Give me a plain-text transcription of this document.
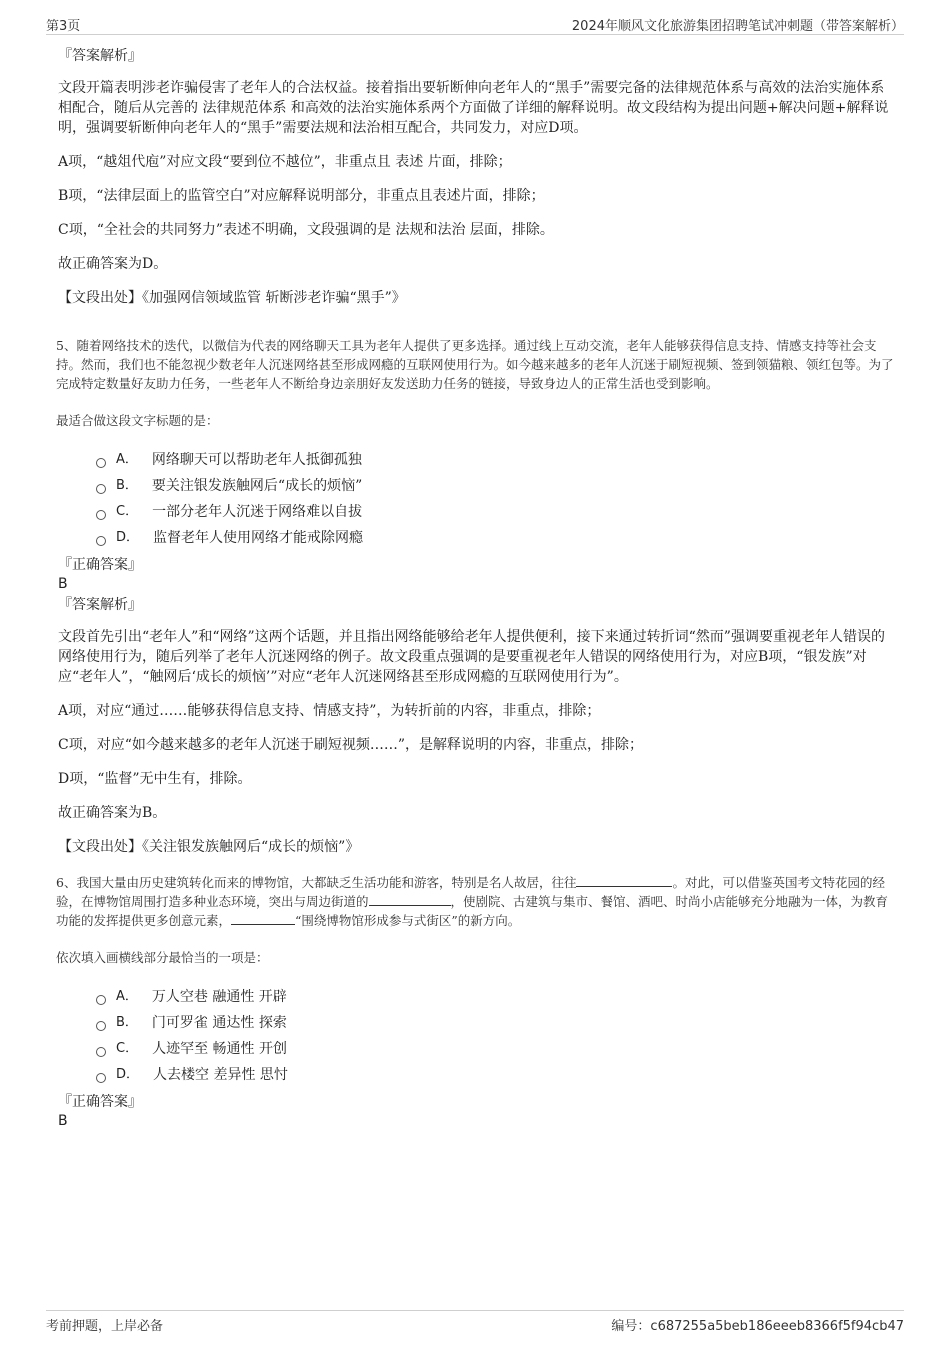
第3页	2024年顺风文化旅游集团招聘笔试冲刺题（带答案解析）
『答案解析』
文段开篇表明涉老诈骗侵害了老年人的合法权益。接着指出要斩断伸向老年人的“黑手”需要完备的法律规范体系与高效的法治实施体系相配合，随后从完善的 法律规范体系 和高效的法治实施体系两个方面做了详细的解释说明。故文段结构为提出问题+解决问题+解释说明，强调要斩断伸向老年人的“黑手”需要法规和法治相互配合，共同发力，对应D项。
A项，“越俎代庖”对应文段“要到位不越位”，非重点且 表述 片面，排除；
B项，“法律层面上的监管空白”对应解释说明部分，非重点且表述片面，排除；
C项，“全社会的共同努力”表述不明确，文段强调的是 法规和法治 层面，排除。
故正确答案为D。
【文段出处】《加强网信领域监管 斩断涉老诈骗“黑手”》
5、随着网络技术的迭代，以微信为代表的网络聊天工具为老年人提供了更多选择。通过线上互动交流，老年人能够获得信息支持、情感支持等社会支持。然而，我们也不能忽视少数老年人沉迷网络甚至形成网瘾的互联网使用行为。如今越来越多的老年人沉迷于刷短视频、签到领猫粮、领红包等。为了完成特定数量好友助力任务，一些老年人不断给身边亲朋好友发送助力任务的链接，导致身边人的正常生活也受到影响。
最适合做这段文字标题的是：
A． 网络聊天可以帮助老年人抵御孤独
B． 要关注银发族触网后“成长的烦恼”
C． 一部分老年人沉迷于网络难以自拔
D． 监督老年人使用网络才能戒除网瘾
『正确答案』
B
『答案解析』
文段首先引出“老年人”和“网络”这两个话题，并且指出网络能够给老年人提供便利，接下来通过转折词“然而”强调要重视老年人错误的网络使用行为，随后列举了老年人沉迷网络的例子。故文段重点强调的是要重视老年人错误的网络使用行为，对应B项，“银发族”对应“老年人”，“触网后‘成长的烦恼’”对应“老年人沉迷网络甚至形成网瘾的互联网使用行为”。
A项，对应“通过……能够获得信息支持、情感支持”，为转折前的内容，非重点，排除；
C项，对应“如今越来越多的老年人沉迷于刷短视频……”，是解释说明的内容，非重点，排除；
D项，“监督”无中生有，排除。
故正确答案为B。
【文段出处】《关注银发族触网后“成长的烦恼”》
6、我国大量由历史建筑转化而来的博物馆，大都缺乏生活功能和游客，特别是名人故居，往往	。对此，可以借鉴英国考文特花园的经验，在博物馆周围打造多种业态环境，突出与周边街道的	，使剧院、古建筑与集市、餐馆、酒吧、时尚小店能够充分地融为一体，为教育功能的发挥提供更多创意元素，	“围绕博物馆形成参与式街区”的新方向。
依次填入画横线部分最恰当的一项是：
A． 万人空巷 融通性 开辟
B． 门可罗雀 通达性 探索
C． 人迹罕至 畅通性 开创
D． 人去楼空 差异性 思忖
『正确答案』
B
考前押题，上岸必备	编号：c687255a5beb186eeeb8366f5f94cb47
